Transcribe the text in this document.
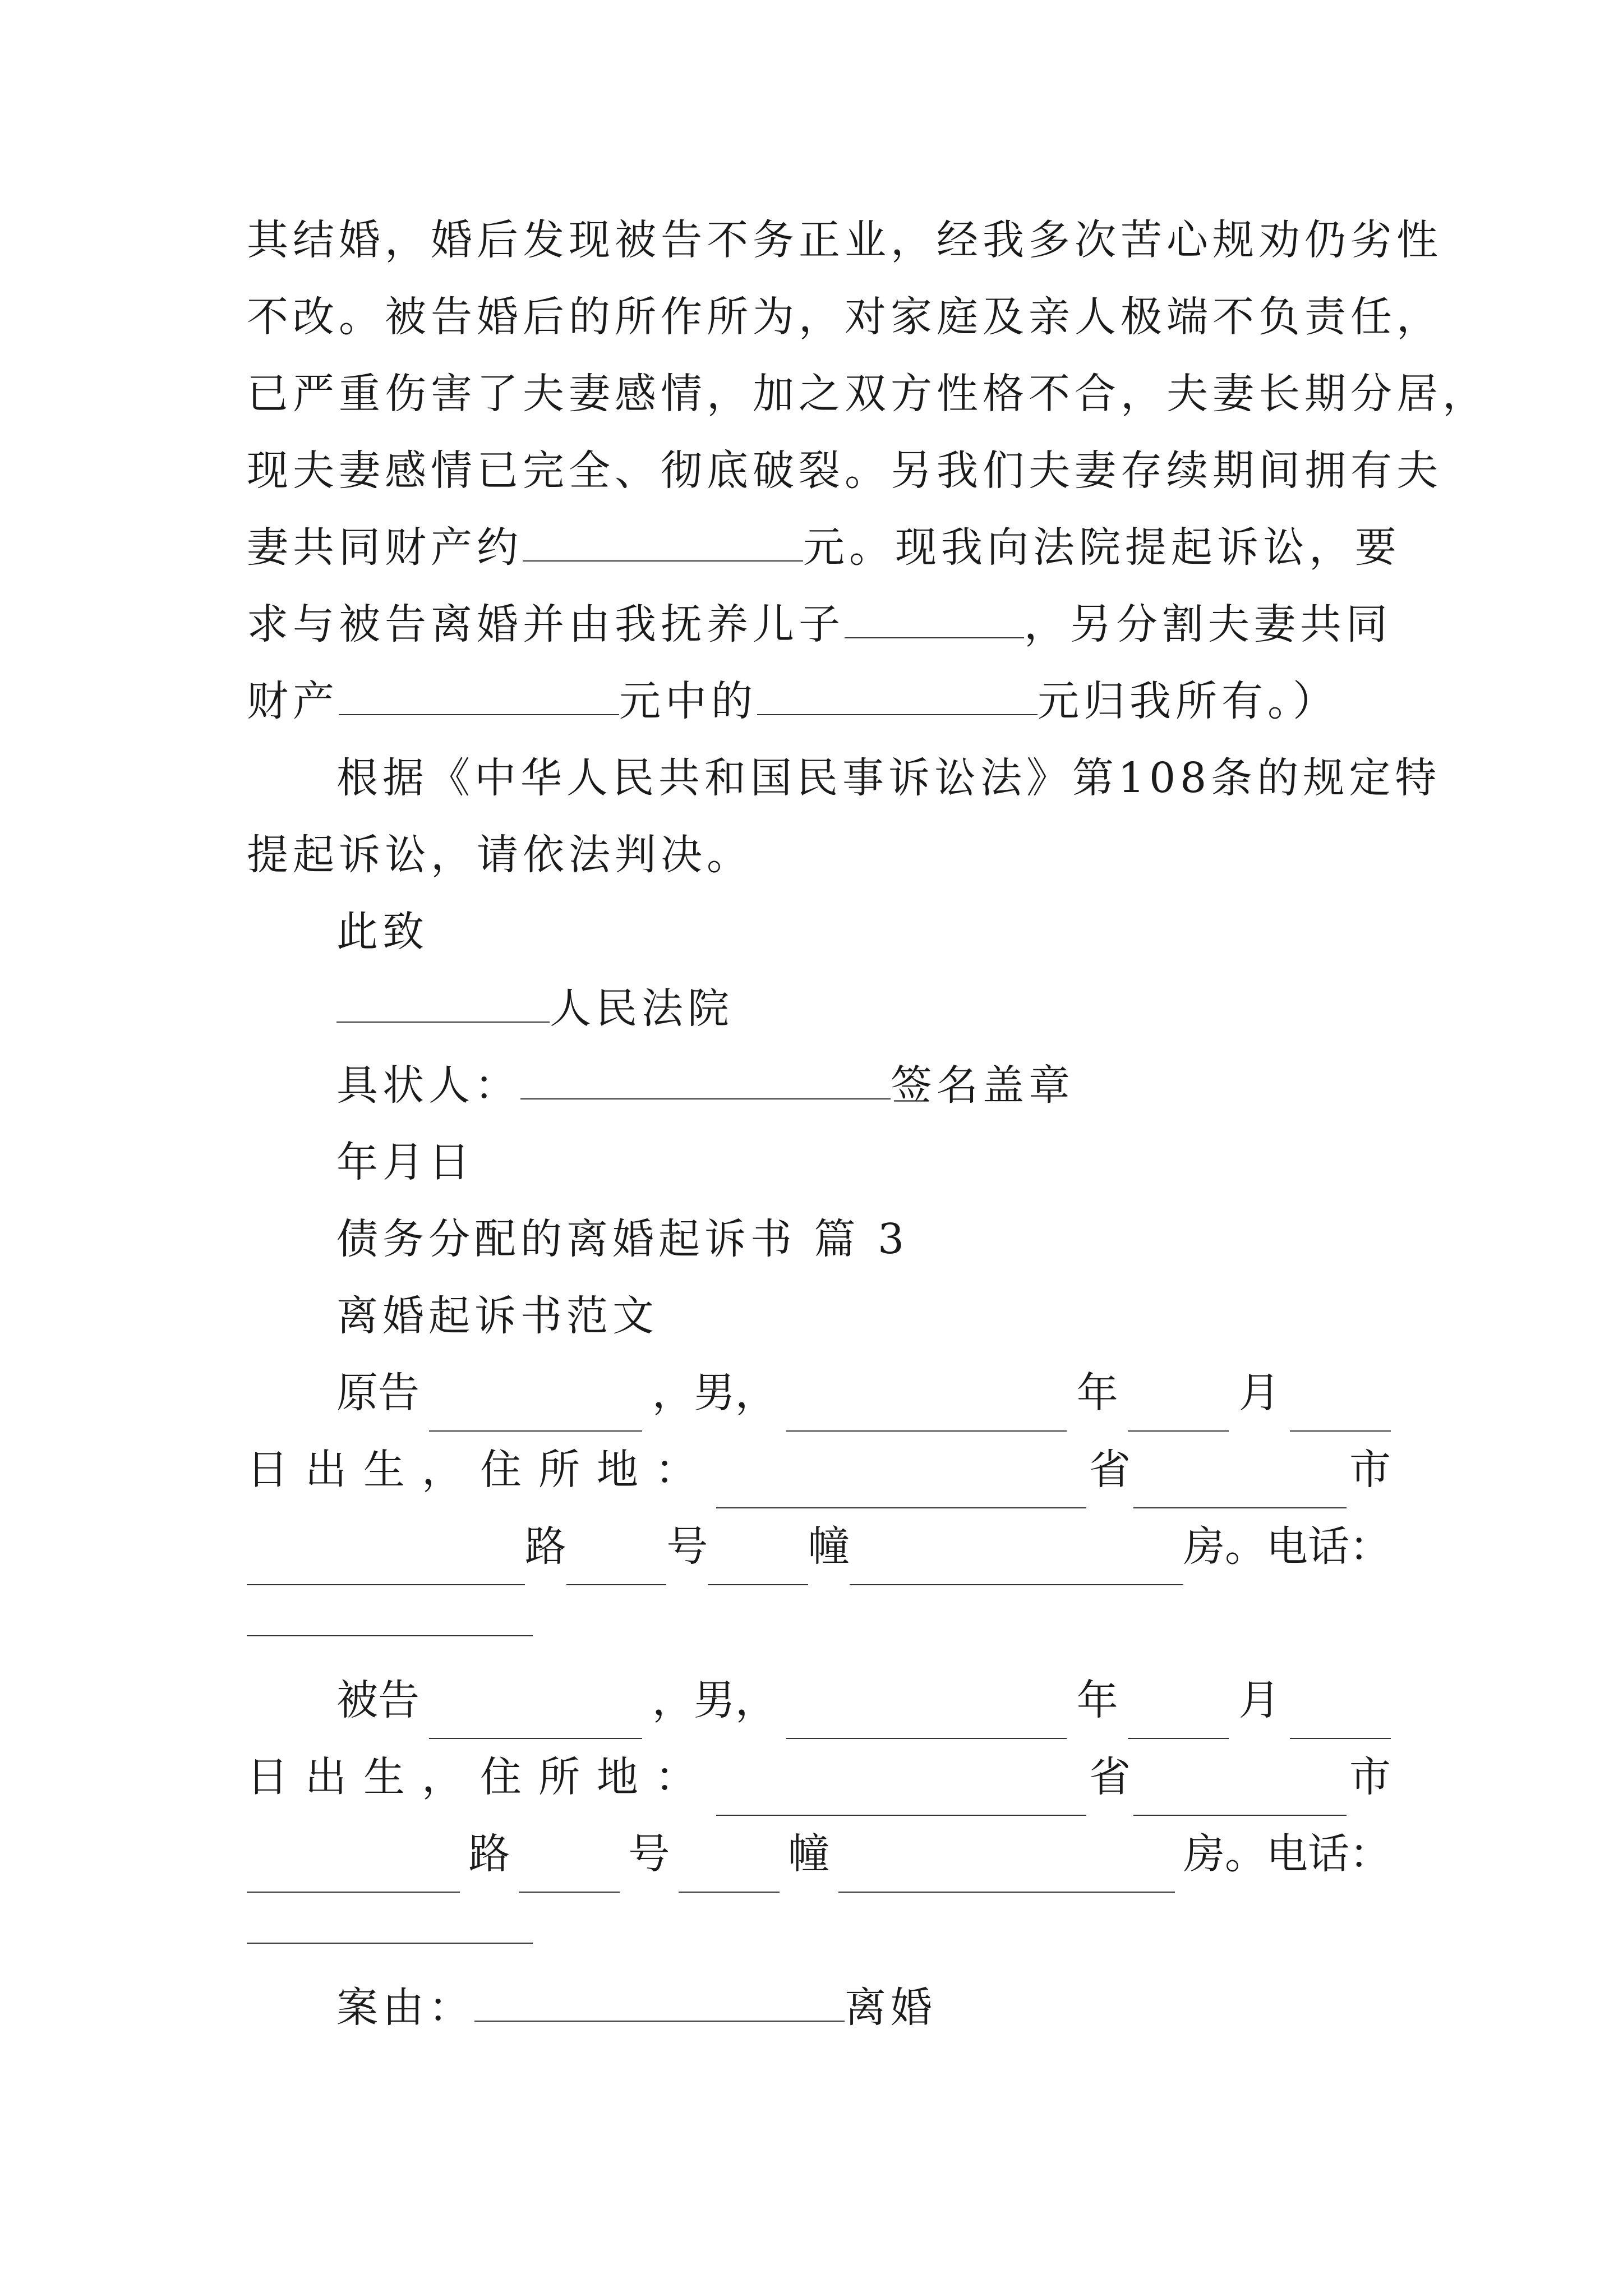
其结婚，婚后发现被告不务正业，经我多次苦心规劝仍劣性
不改。被告婚后的所作所为，对家庭及亲人极端不负责任，
已严重伤害了夫妻感情，加之双方性格不合，夫妻长期分居，
现夫妻感情已完全、彻底破裂。另我们夫妻存续期间拥有夫
妻共同财产约	元。现我向法院提起诉讼，要
求与被告离婚并由我抚养儿子	，另分割夫妻共同
财产	元中的	元归我所有。）
根据《中华人民共和国民事诉讼法》第108条的规定特
提起诉讼，请依法判决。
此致
人民法院
具状人：	签名盖章
年月日
债务分配的离婚起诉书 篇 3
离婚起诉书范文
原告	，男，	年	月
日出生，住所地：	省	市
路 号 幢	房。电话：
被告	，男，	年	月
日出生，住所地：	省	市
路	号	幢	房。电话：
案由：	离婚
